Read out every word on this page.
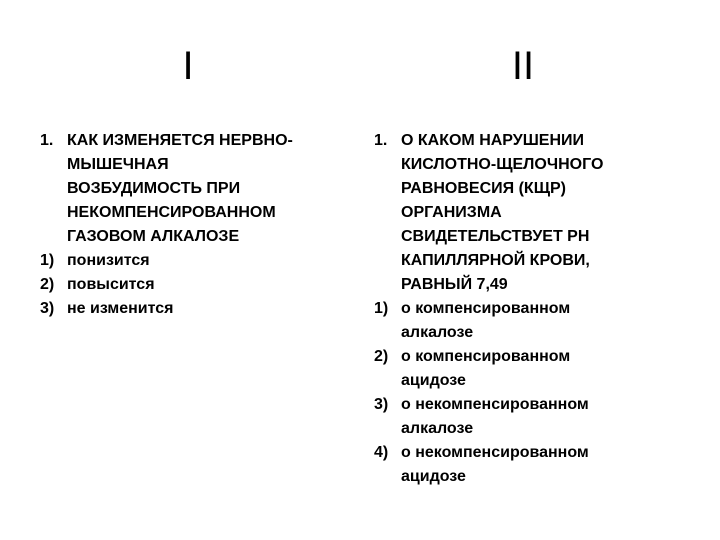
I	II
1. КАК ИЗМЕНЯЕТСЯ НЕРВНО-
МЫШЕЧНАЯ
ВОЗБУДИМОСТЬ ПРИ
НЕКОМПЕНСИРОВАННОМ
ГАЗОВОМ АЛКАЛОЗЕ
1) понизится
2) повысится
3) не изменится
1. О КАКОМ НАРУШЕНИИ
КИСЛОТНО-ЩЕЛОЧНОГО
РАВНОВЕСИЯ (КЩР)
ОРГАНИЗМА
СВИДЕТЕЛЬСТВУЕТ PH
КАПИЛЛЯРНОЙ КРОВИ,
РАВНЫЙ 7,49
1) о компенсированном
алкалозе
2) о компенсированном
ацидозе
3) о некомпенсированном
алкалозе
4) о некомпенсированном
ацидозе
